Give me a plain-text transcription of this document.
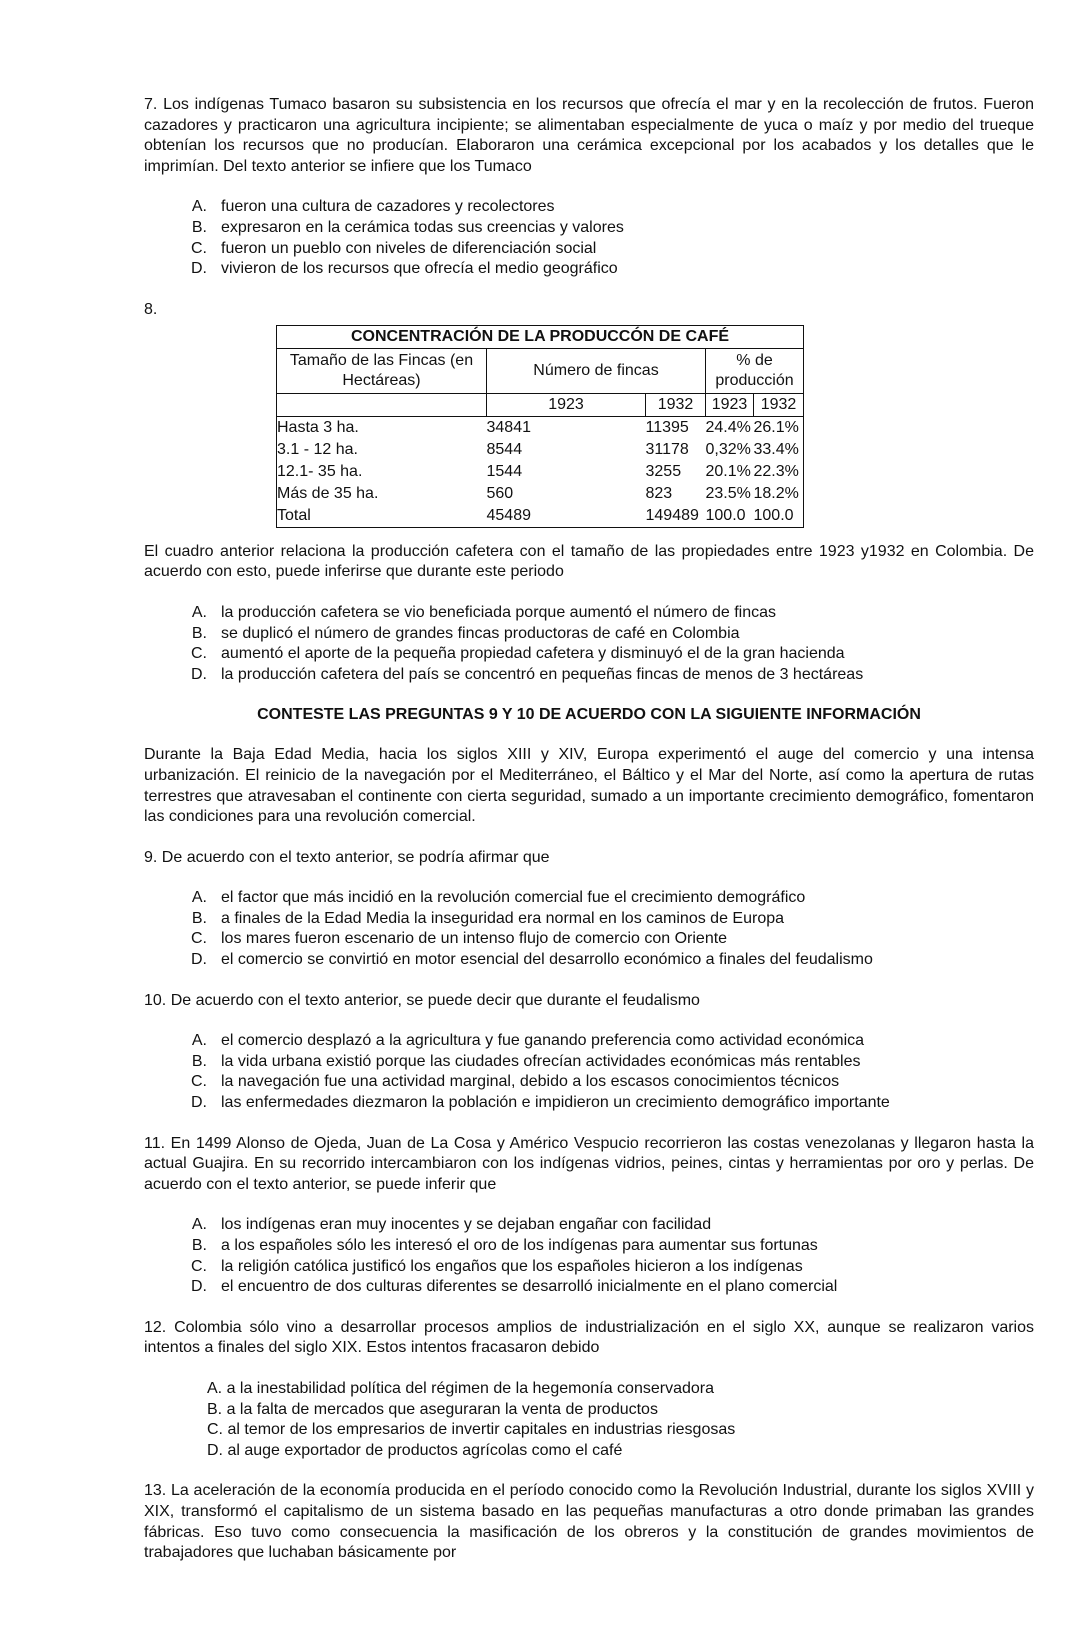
7. Los indígenas Tumaco basaron su subsistencia en los recursos que ofrecía el mar y en la recolección de frutos. Fueron cazadores y practicaron una agricultura incipiente; se alimentaban especialmente de yuca o maíz y por medio del trueque obtenían los recursos que no producían. Elaboraron una cerámica excepcional por los acabados y los detalles que le imprimían. Del texto anterior se infiere que los Tumaco

A. fueron una cultura de cazadores y recolectores
B. expresaron en la cerámica todas sus creencias y valores
C. fueron un pueblo con niveles de diferenciación social
D. vivieron de los recursos que ofrecía el medio geográfico
8.

El cuadro anterior relaciona la producción cafetera con el tamaño de las propiedades entre 1923 y1932 en Colombia. De acuerdo con esto, puede inferirse que durante este periodo

A. la producción cafetera se vio beneficiada porque aumentó el número de fincas
B. se duplicó el número de grandes fincas productoras de café en Colombia
C. aumentó el aporte de la pequeña propiedad cafetera y disminuyó el de la gran hacienda
D. la producción cafetera del país se concentró en pequeñas fincas de menos de 3 hectáreas

CONTESTE LAS PREGUNTAS 9 Y 10 DE ACUERDO CON LA SIGUIENTE INFORMACIÓN

Durante la Baja Edad Media, hacia los siglos XIII y XIV, Europa experimentó el auge del comercio y una intensa urbanización. El reinicio de la navegación por el Mediterráneo, el Báltico y el Mar del Norte, así como la apertura de rutas terrestres que atravesaban el continente con cierta seguridad, sumado a un importante crecimiento demográfico, fomentaron las condiciones para una revolución comercial.

9. De acuerdo con el texto anterior, se podría afirmar que

A. el factor que más incidió en la revolución comercial fue el crecimiento demográfico
B. a finales de la Edad Media la inseguridad era normal en los caminos de Europa
C. los mares fueron escenario de un intenso flujo de comercio con Oriente
D. el comercio se convirtió en motor esencial del desarrollo económico a finales del feudalismo

10. De acuerdo con el texto anterior, se puede decir que durante el feudalismo

A. el comercio desplazó a la agricultura y fue ganando preferencia como actividad económica
B. la vida urbana existió porque las ciudades ofrecían actividades económicas más rentables
C. la navegación fue una actividad marginal, debido a los escasos conocimientos técnicos
D. las enfermedades diezmaron la población e impidieron un crecimiento demográfico importante

11. En 1499 Alonso de Ojeda, Juan de La Cosa y Américo Vespucio recorrieron las costas venezolanas y llegaron hasta la actual Guajira. En su recorrido intercambiaron con los indígenas vidrios, peines, cintas y herramientas por oro y perlas. De acuerdo con el texto anterior, se puede inferir que

A. los indígenas eran muy inocentes y se dejaban engañar con facilidad
B. a los españoles sólo les interesó el oro de los indígenas para aumentar sus fortunas
C. la religión católica justificó los engaños que los españoles hicieron a los indígenas
D. el encuentro de dos culturas diferentes se desarrolló inicialmente en el plano comercial

12. Colombia sólo vino a desarrollar procesos amplios de industrialización en el siglo XX, aunque se realizaron varios intentos a finales del siglo XIX. Estos intentos fracasaron debido

A. a la inestabilidad política del régimen de la hegemonía conservadora
B. a la falta de mercados que aseguraran la venta de productos
C. al temor de los empresarios de invertir capitales en industrias riesgosas
D. al auge exportador de productos agrícolas como el café

13. La aceleración de la economía producida en el período conocido como la Revolución Industrial, durante los siglos XVIII y XIX, transformó el capitalismo de un sistema basado en las pequeñas manufacturas a otro donde primaban las grandes fábricas. Eso tuvo como consecuencia la masificación de los obreros y la constitución de grandes movimientos de trabajadores que luchaban básicamente por

CONCENTRACIÓN DE LA PRODUCCÓN DE CAFÉ				
Tamaño de las Fincas (en Hectáreas)	Número de fincas		% de producción	
	1923	1932	1923	1932
Hasta 3 ha.	34841	11395	24.4%	26.1%
3.1 - 12 ha.	8544	31178	0,32%	33.4%
12.1- 35 ha.	1544	3255	20.1%	22.3%
Más de 35 ha.	560	823	23.5%	18.2%
Total	45489	149489	100.0	100.0
